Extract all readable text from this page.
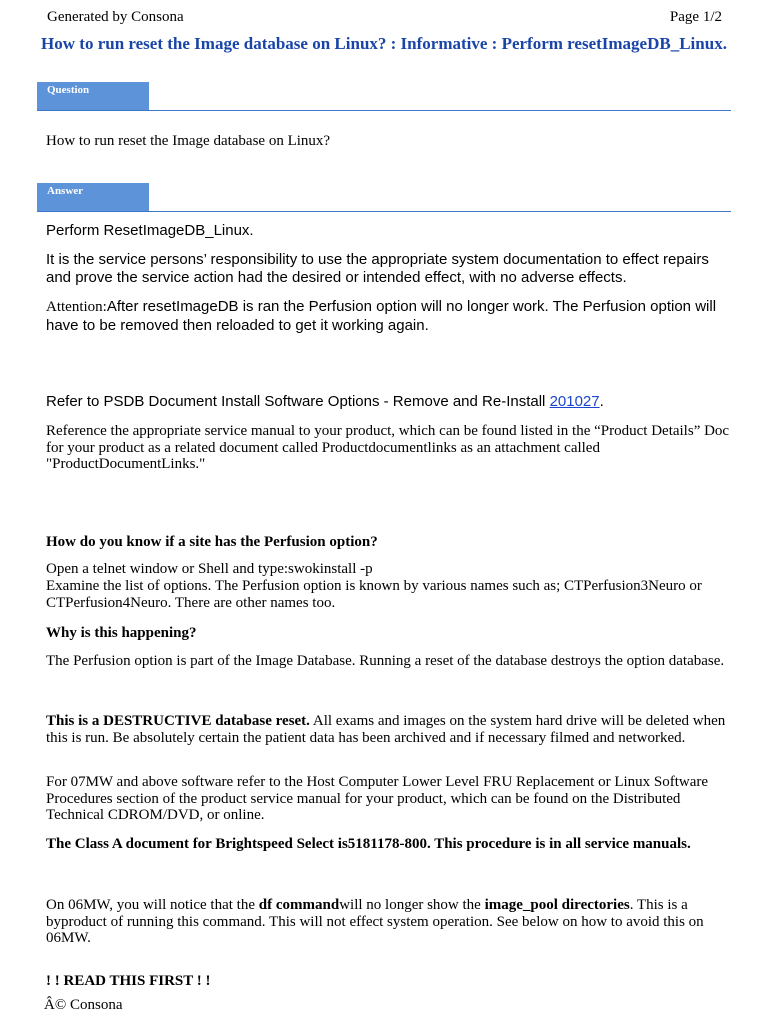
Generated by Consona	Page 1/2
How to run reset the Image database on Linux? : Informative : Perform resetImageDB_Linux.
Question
How to run reset the Image database on Linux?
Answer
Perform ResetImageDB_Linux.
It is the service persons’ responsibility to use the appropriate system documentation to effect repairs and prove the service action had the desired or intended effect, with no adverse effects.
Attention:After resetImageDB is ran the Perfusion option will no longer work. The Perfusion option will have to be removed then reloaded to get it working again.
Refer to PSDB Document Install Software Options - Remove and Re-Install 201027.
Reference the appropriate service manual to your product, which can be found listed in the “Product Details” Doc for your product as a related document called Productdocumentlinks as an attachment called "ProductDocumentLinks."
How do you know if a site has the Perfusion option?
Open a telnet window or Shell and type:swokinstall -p
Examine the list of options. The Perfusion option is known by various names such as; CTPerfusion3Neuro or CTPerfusion4Neuro. There are other names too.
Why is this happening?
The Perfusion option is part of the Image Database. Running a reset of the database destroys the option database.
This is a DESTRUCTIVE database reset. All exams and images on the system hard drive will be deleted when this is run. Be absolutely certain the patient data has been archived and if necessary filmed and networked.
For 07MW and above software refer to the Host Computer Lower Level FRU Replacement or Linux Software Procedures section of the product service manual for your product, which can be found on the Distributed Technical CDROM/DVD, or online.
The Class A document for Brightspeed Select is5181178-800. This procedure is in all service manuals.
On 06MW, you will notice that the df commandwill no longer show the image_pool directories. This is a byproduct of running this command. This will not effect system operation. See below on how to avoid this on 06MW.
! ! READ THIS FIRST ! !
Â© Consona
